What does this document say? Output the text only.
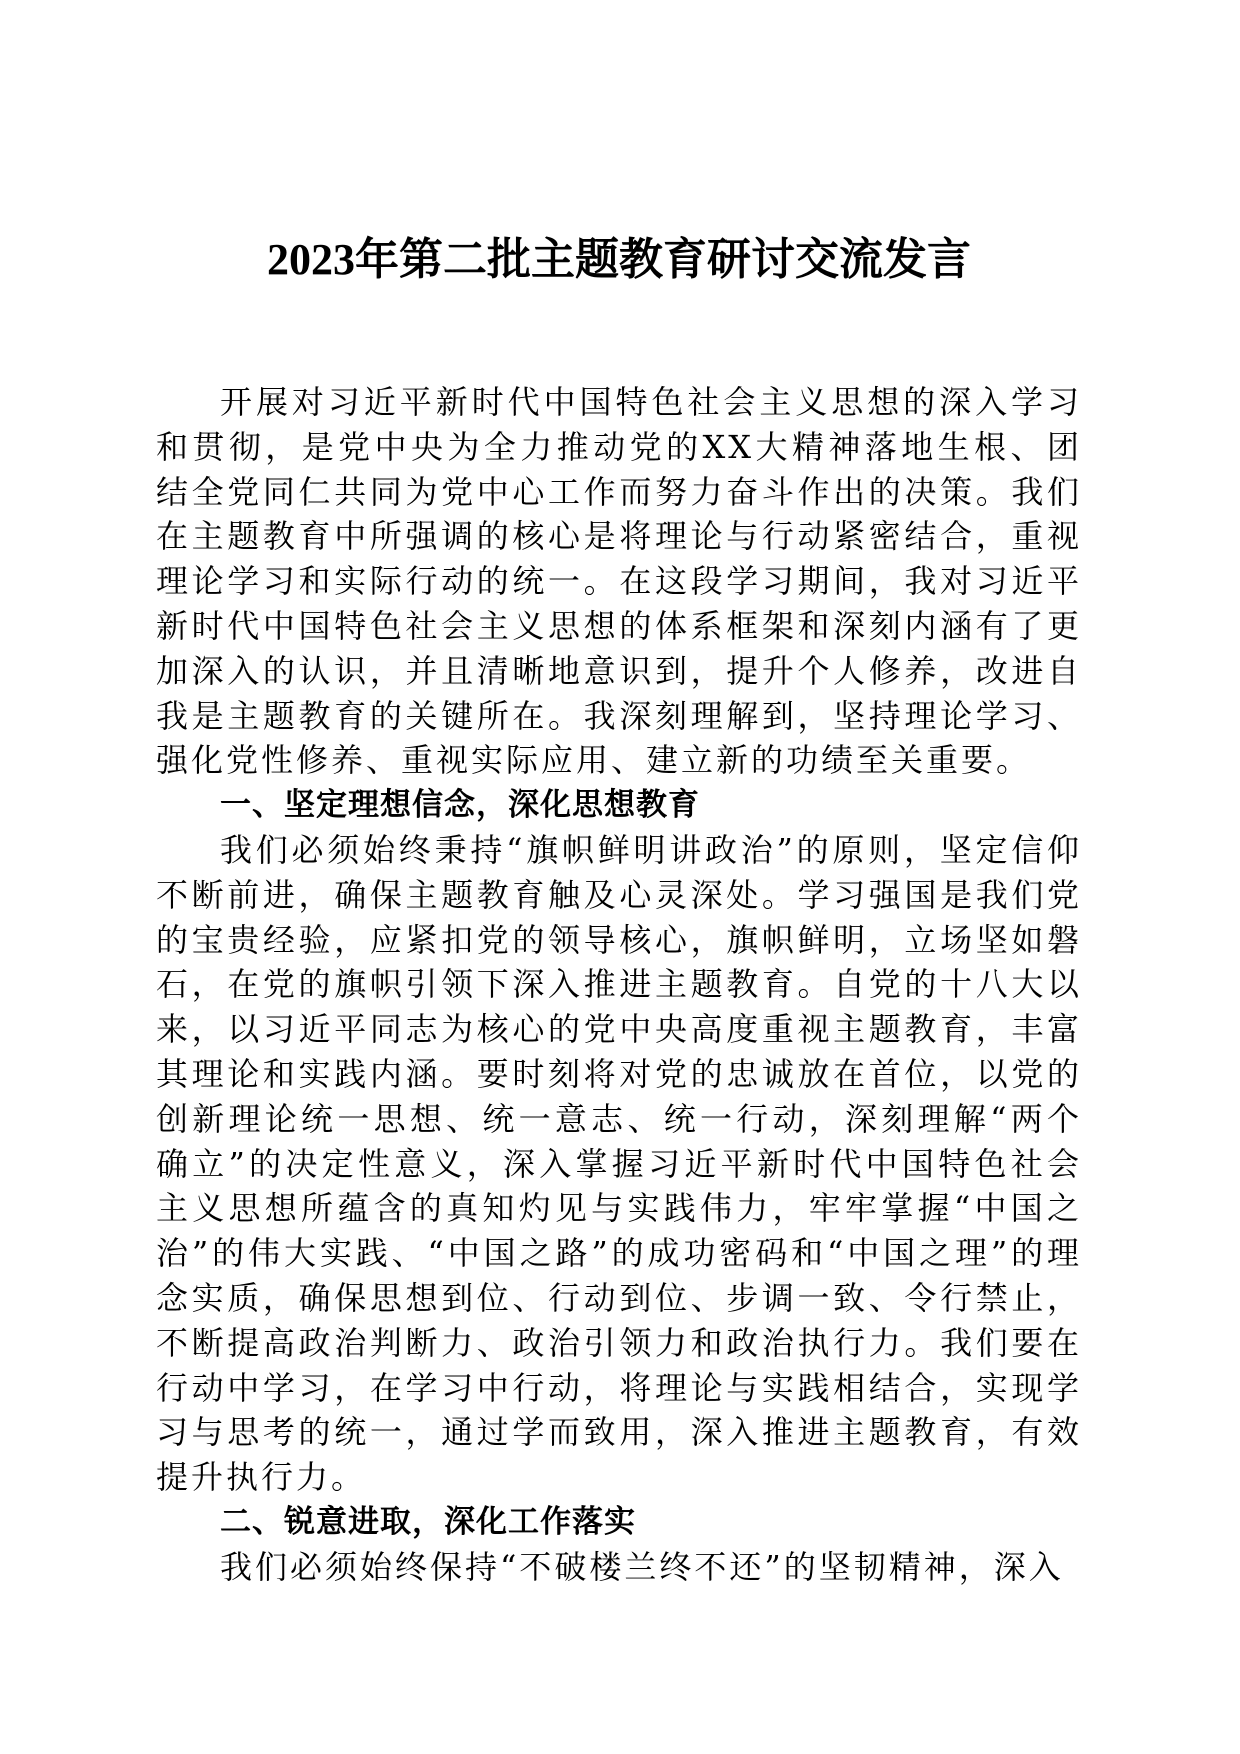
2023年第二批主题教育研讨交流发言

开展对习近平新时代中国特色社会主义思想的深入学习和贯彻，是党中央为全力推动党的XX大精神落地生根、团结全党同仁共同为党中心工作而努力奋斗作出的决策。我们在主题教育中所强调的核心是将理论与行动紧密结合，重视理论学习和实际行动的统一。在这段学习期间，我对习近平新时代中国特色社会主义思想的体系框架和深刻内涵有了更加深入的认识，并且清晰地意识到，提升个人修养，改进自我是主题教育的关键所在。我深刻理解到，坚持理论学习、强化党性修养、重视实际应用、建立新的功绩至关重要。

一、坚定理想信念，深化思想教育

我们必须始终秉持“旗帜鲜明讲政治”的原则，坚定信仰不断前进，确保主题教育触及心灵深处。学习强国是我们党的宝贵经验，应紧扣党的领导核心，旗帜鲜明，立场坚如磐石，在党的旗帜引领下深入推进主题教育。自党的十八大以来，以习近平同志为核心的党中央高度重视主题教育，丰富其理论和实践内涵。要时刻将对党的忠诚放在首位，以党的创新理论统一思想、统一意志、统一行动，深刻理解“两个确立”的决定性意义，深入掌握习近平新时代中国特色社会主义思想所蕴含的真知灼见与实践伟力，牢牢掌握“中国之治”的伟大实践、“中国之路”的成功密码和“中国之理”的理念实质，确保思想到位、行动到位、步调一致、令行禁止，不断提高政治判断力、政治引领力和政治执行力。我们要在行动中学习，在学习中行动，将理论与实践相结合，实现学习与思考的统一，通过学而致用，深入推进主题教育，有效提升执行力。

二、锐意进取，深化工作落实

我们必须始终保持“不破楼兰终不还”的坚韧精神，深入
